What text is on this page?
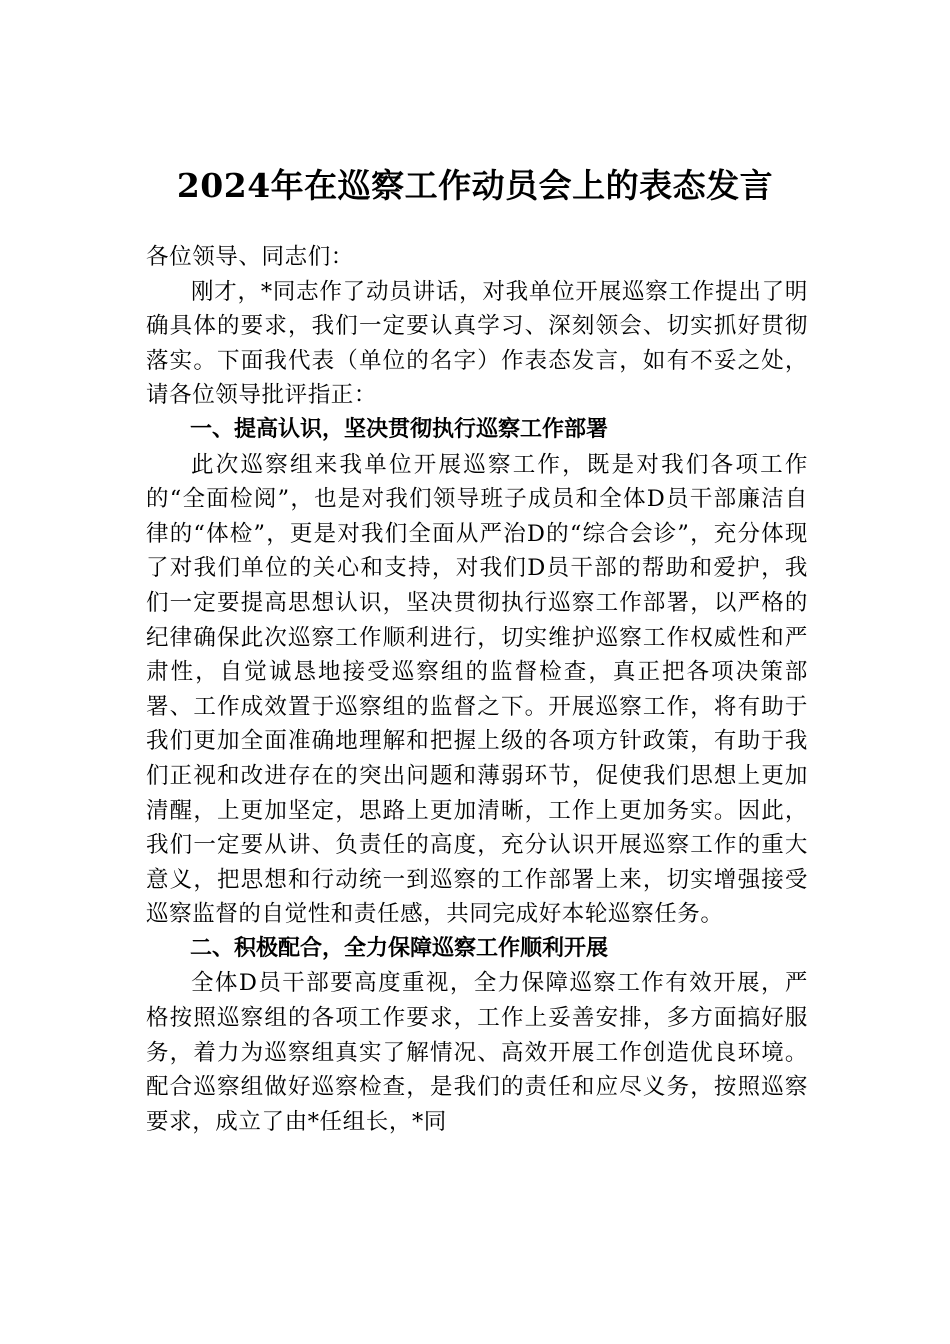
2024年在巡察工作动员会上的表态发言

各位领导、同志们：

刚才，*同志作了动员讲话，对我单位开展巡察工作提出了明确具体的要求，我们一定要认真学习、深刻领会、切实抓好贯彻落实。下面我代表（单位的名字）作表态发言，如有不妥之处，请各位领导批评指正：

一、提高认识，坚决贯彻执行巡察工作部署

此次巡察组来我单位开展巡察工作，既是对我们各项工作的“全面检阅”，也是对我们领导班子成员和全体D员干部廉洁自律的“体检”，更是对我们全面从严治D的“综合会诊”，充分体现了对我们单位的关心和支持，对我们D员干部的帮助和爱护，我们一定要提高思想认识，坚决贯彻执行巡察工作部署，以严格的纪律确保此次巡察工作顺利进行，切实维护巡察工作权威性和严肃性，自觉诚恳地接受巡察组的监督检查，真正把各项决策部署、工作成效置于巡察组的监督之下。开展巡察工作，将有助于我们更加全面准确地理解和把握上级的各项方针政策，有助于我们正视和改进存在的突出问题和薄弱环节，促使我们思想上更加清醒，上更加坚定，思路上更加清晰，工作上更加务实。因此，我们一定要从讲、负责任的高度，充分认识开展巡察工作的重大意义，把思想和行动统一到巡察的工作部署上来，切实增强接受巡察监督的自觉性和责任感，共同完成好本轮巡察任务。

二、积极配合，全力保障巡察工作顺利开展

全体D员干部要高度重视，全力保障巡察工作有效开展，严格按照巡察组的各项工作要求，工作上妥善安排，多方面搞好服务，着力为巡察组真实了解情况、高效开展工作创造优良环境。配合巡察组做好巡察检查，是我们的责任和应尽义务，按照巡察要求，成立了由*任组长，*同
